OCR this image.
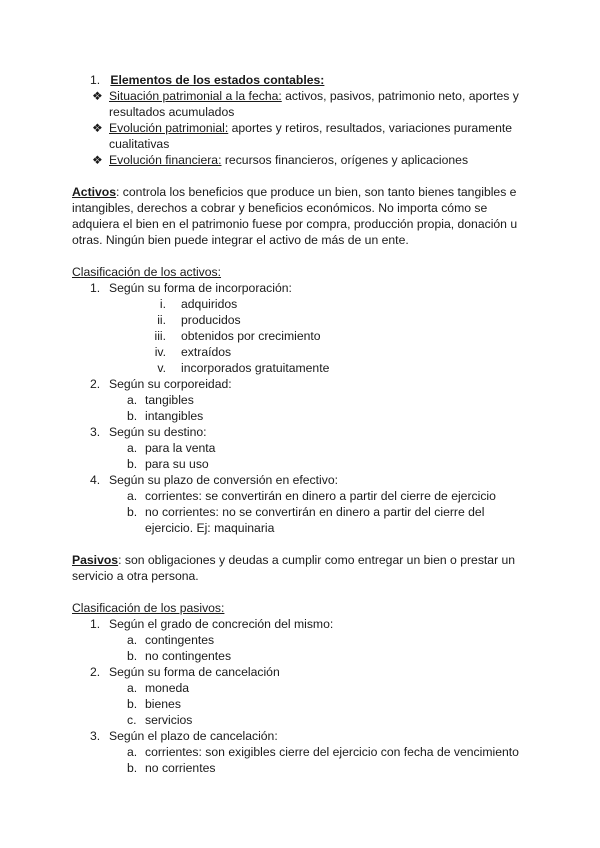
1. Elementos de los estados contables:
❖ Situación patrimonial a la fecha: activos, pasivos, patrimonio neto, aportes y
resultados acumulados
❖ Evolución patrimonial: aportes y retiros, resultados, variaciones puramente
cualitativas
❖ Evolución financiera: recursos financieros, orígenes y aplicaciones
Activos: controla los beneficios que produce un bien, son tanto bienes tangibles e
intangibles, derechos a cobrar y beneficios económicos. No importa cómo se
adquiera el bien en el patrimonio fuese por compra, producción propia, donación u
otras. Ningún bien puede integrar el activo de más de un ente.
Clasificación de los activos:
1. Según su forma de incorporación:
i. adquiridos
ii. producidos
iii. obtenidos por crecimiento
iv. extraídos
v. incorporados gratuitamente
2. Según su corporeidad:
a. tangibles
b. intangibles
3. Según su destino:
a. para la venta
b. para su uso
4. Según su plazo de conversión en efectivo:
a. corrientes: se convertirán en dinero a partir del cierre de ejercicio
b. no corrientes: no se convertirán en dinero a partir del cierre del
ejercicio. Ej: maquinaria
Pasivos: son obligaciones y deudas a cumplir como entregar un bien o prestar un
servicio a otra persona.
Clasificación de los pasivos:
1. Según el grado de concreción del mismo:
a. contingentes
b. no contingentes
2. Según su forma de cancelación
a. moneda
b. bienes
c. servicios
3. Según el plazo de cancelación:
a. corrientes: son exigibles cierre del ejercicio con fecha de vencimiento
b. no corrientes
